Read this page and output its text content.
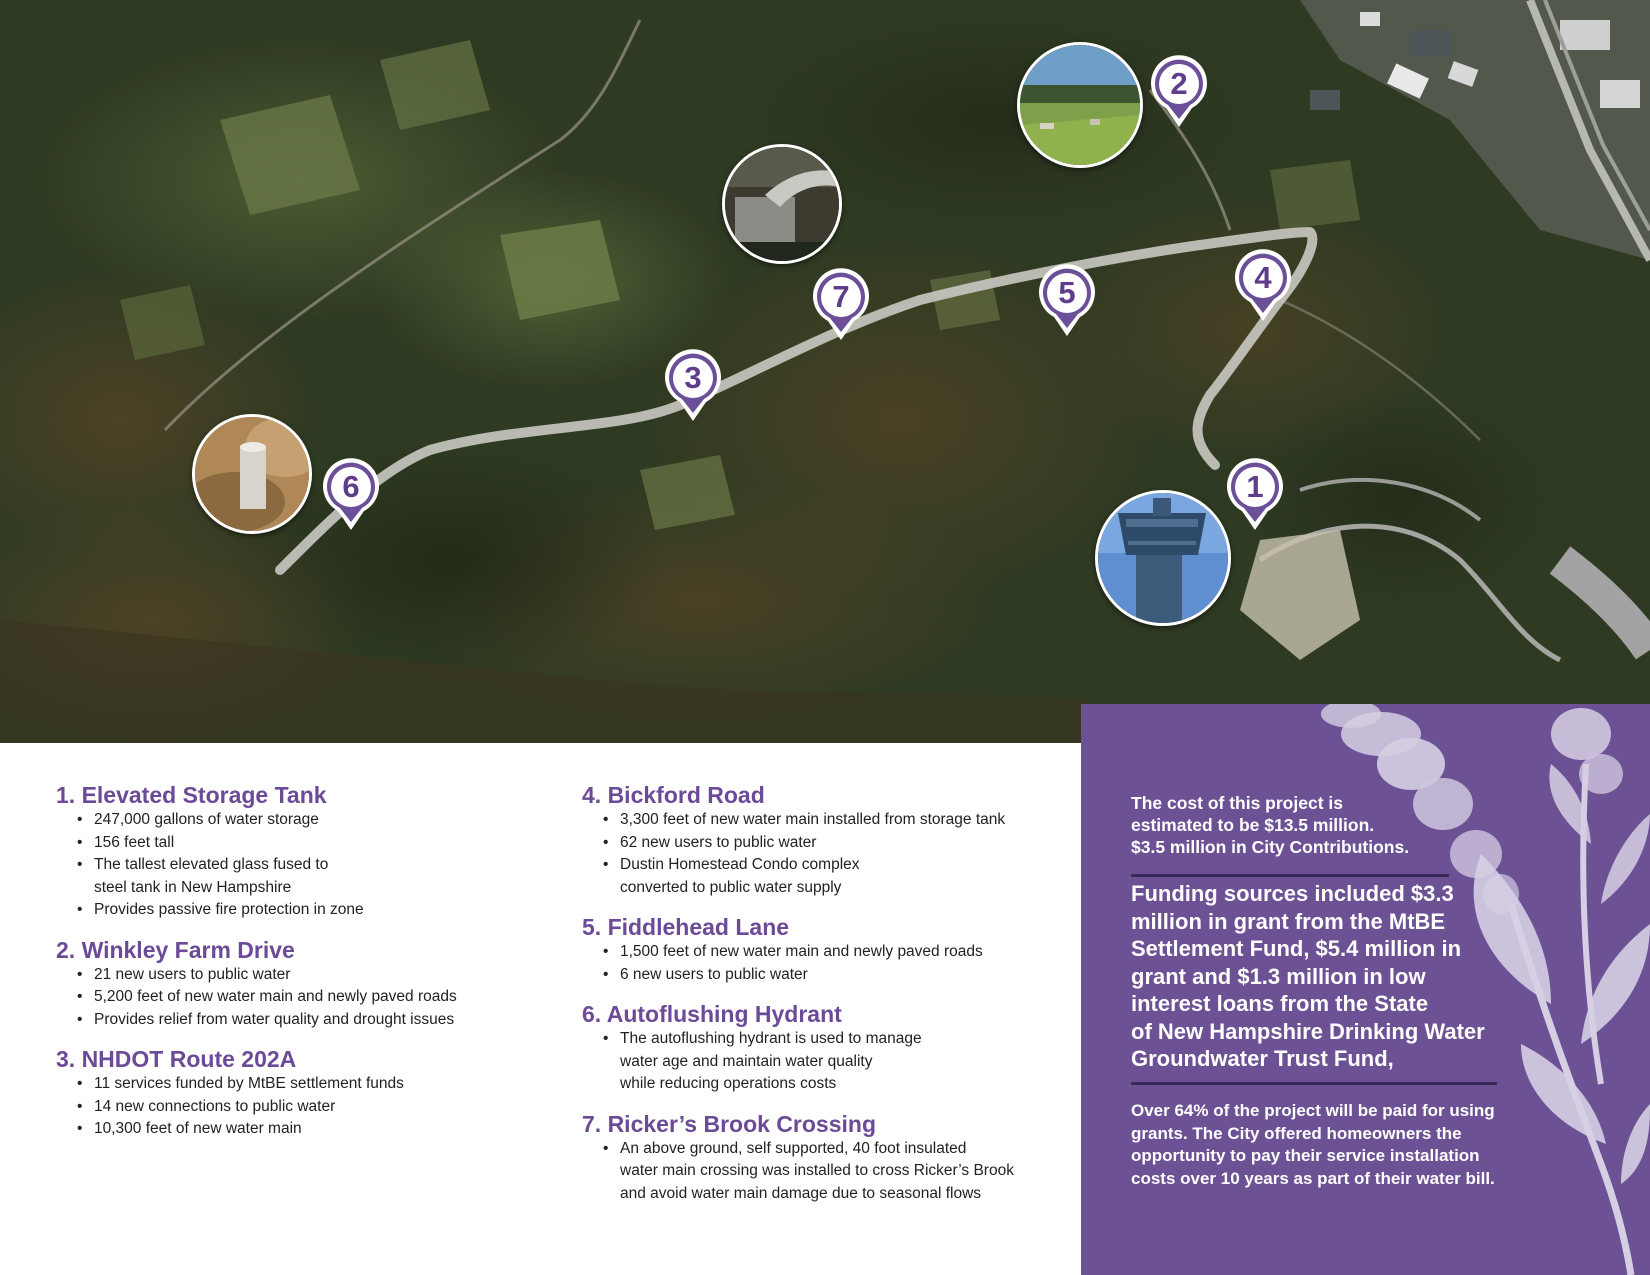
1
2
3
4
5
6
7
1. Elevated Storage Tank
• 247,000 gallons of water storage
• 156 feet tall
• The tallest elevated glass fused to
steel tank in New Hampshire
• Provides passive fire protection in zone
2. Winkley Farm Drive
• 21 new users to public water
• 5,200 feet of new water main and newly paved roads
• Provides relief from water quality and drought issues
3. NHDOT Route 202A
• 11 services funded by MtBE settlement funds
• 14 new connections to public water
• 10,300 feet of new water main
4. Bickford Road
• 3,300 feet of new water main installed from storage tank
• 62 new users to public water
• Dustin Homestead Condo complex
converted to public water supply
5. Fiddlehead Lane
• 1,500 feet of new water main and newly paved roads
• 6 new users to public water
6. Autoflushing Hydrant
• The autoflushing hydrant is used to manage
water age and maintain water quality
while reducing operations costs
7. Ricker’s Brook Crossing
• An above ground, self supported, 40 foot insulated
water main crossing was installed to cross Ricker’s Brook
and avoid water main damage due to seasonal flows
The cost of this project is
estimated to be $13.5 million.
$3.5 million in City Contributions.
Funding sources included $3.3
million in grant from the MtBE
Settlement Fund, $5.4 million in
grant and $1.3 million in low
interest loans from the State
of New Hampshire Drinking Water
Groundwater Trust Fund,
Over 64% of the project will be paid for using
grants. The City offered homeowners the
opportunity to pay their service installation
costs over 10 years as part of their water bill.
